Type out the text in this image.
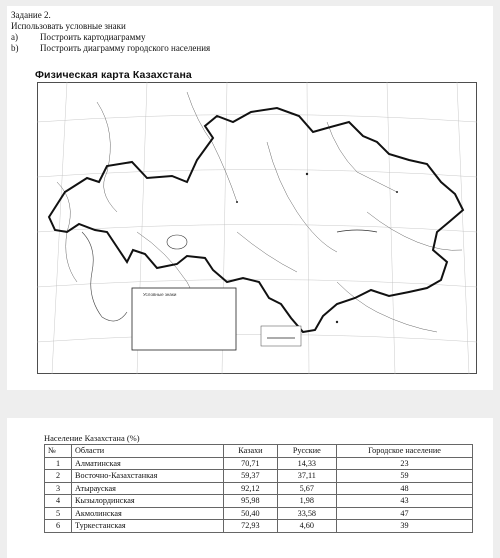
Задание 2.
Использовать условные знаки
a)	Построить картодиаграмму
b)	Построить диаграмму городского населения
Физическая карта Казахстана
Условные знаки
Население Казахстана (%)
№	Области	Казахи	Русские	Городское население
1	Алматинская	70,71	14,33	23
2	Восточно-Казахстанкая	59,37	37,11	59
3	Атырауская	92,12	5,67	48
4	Кызылординская	95,98	1,98	43
5	Акмолинская	50,40	33,58	47
6	Туркестанская	72,93	4,60	39
